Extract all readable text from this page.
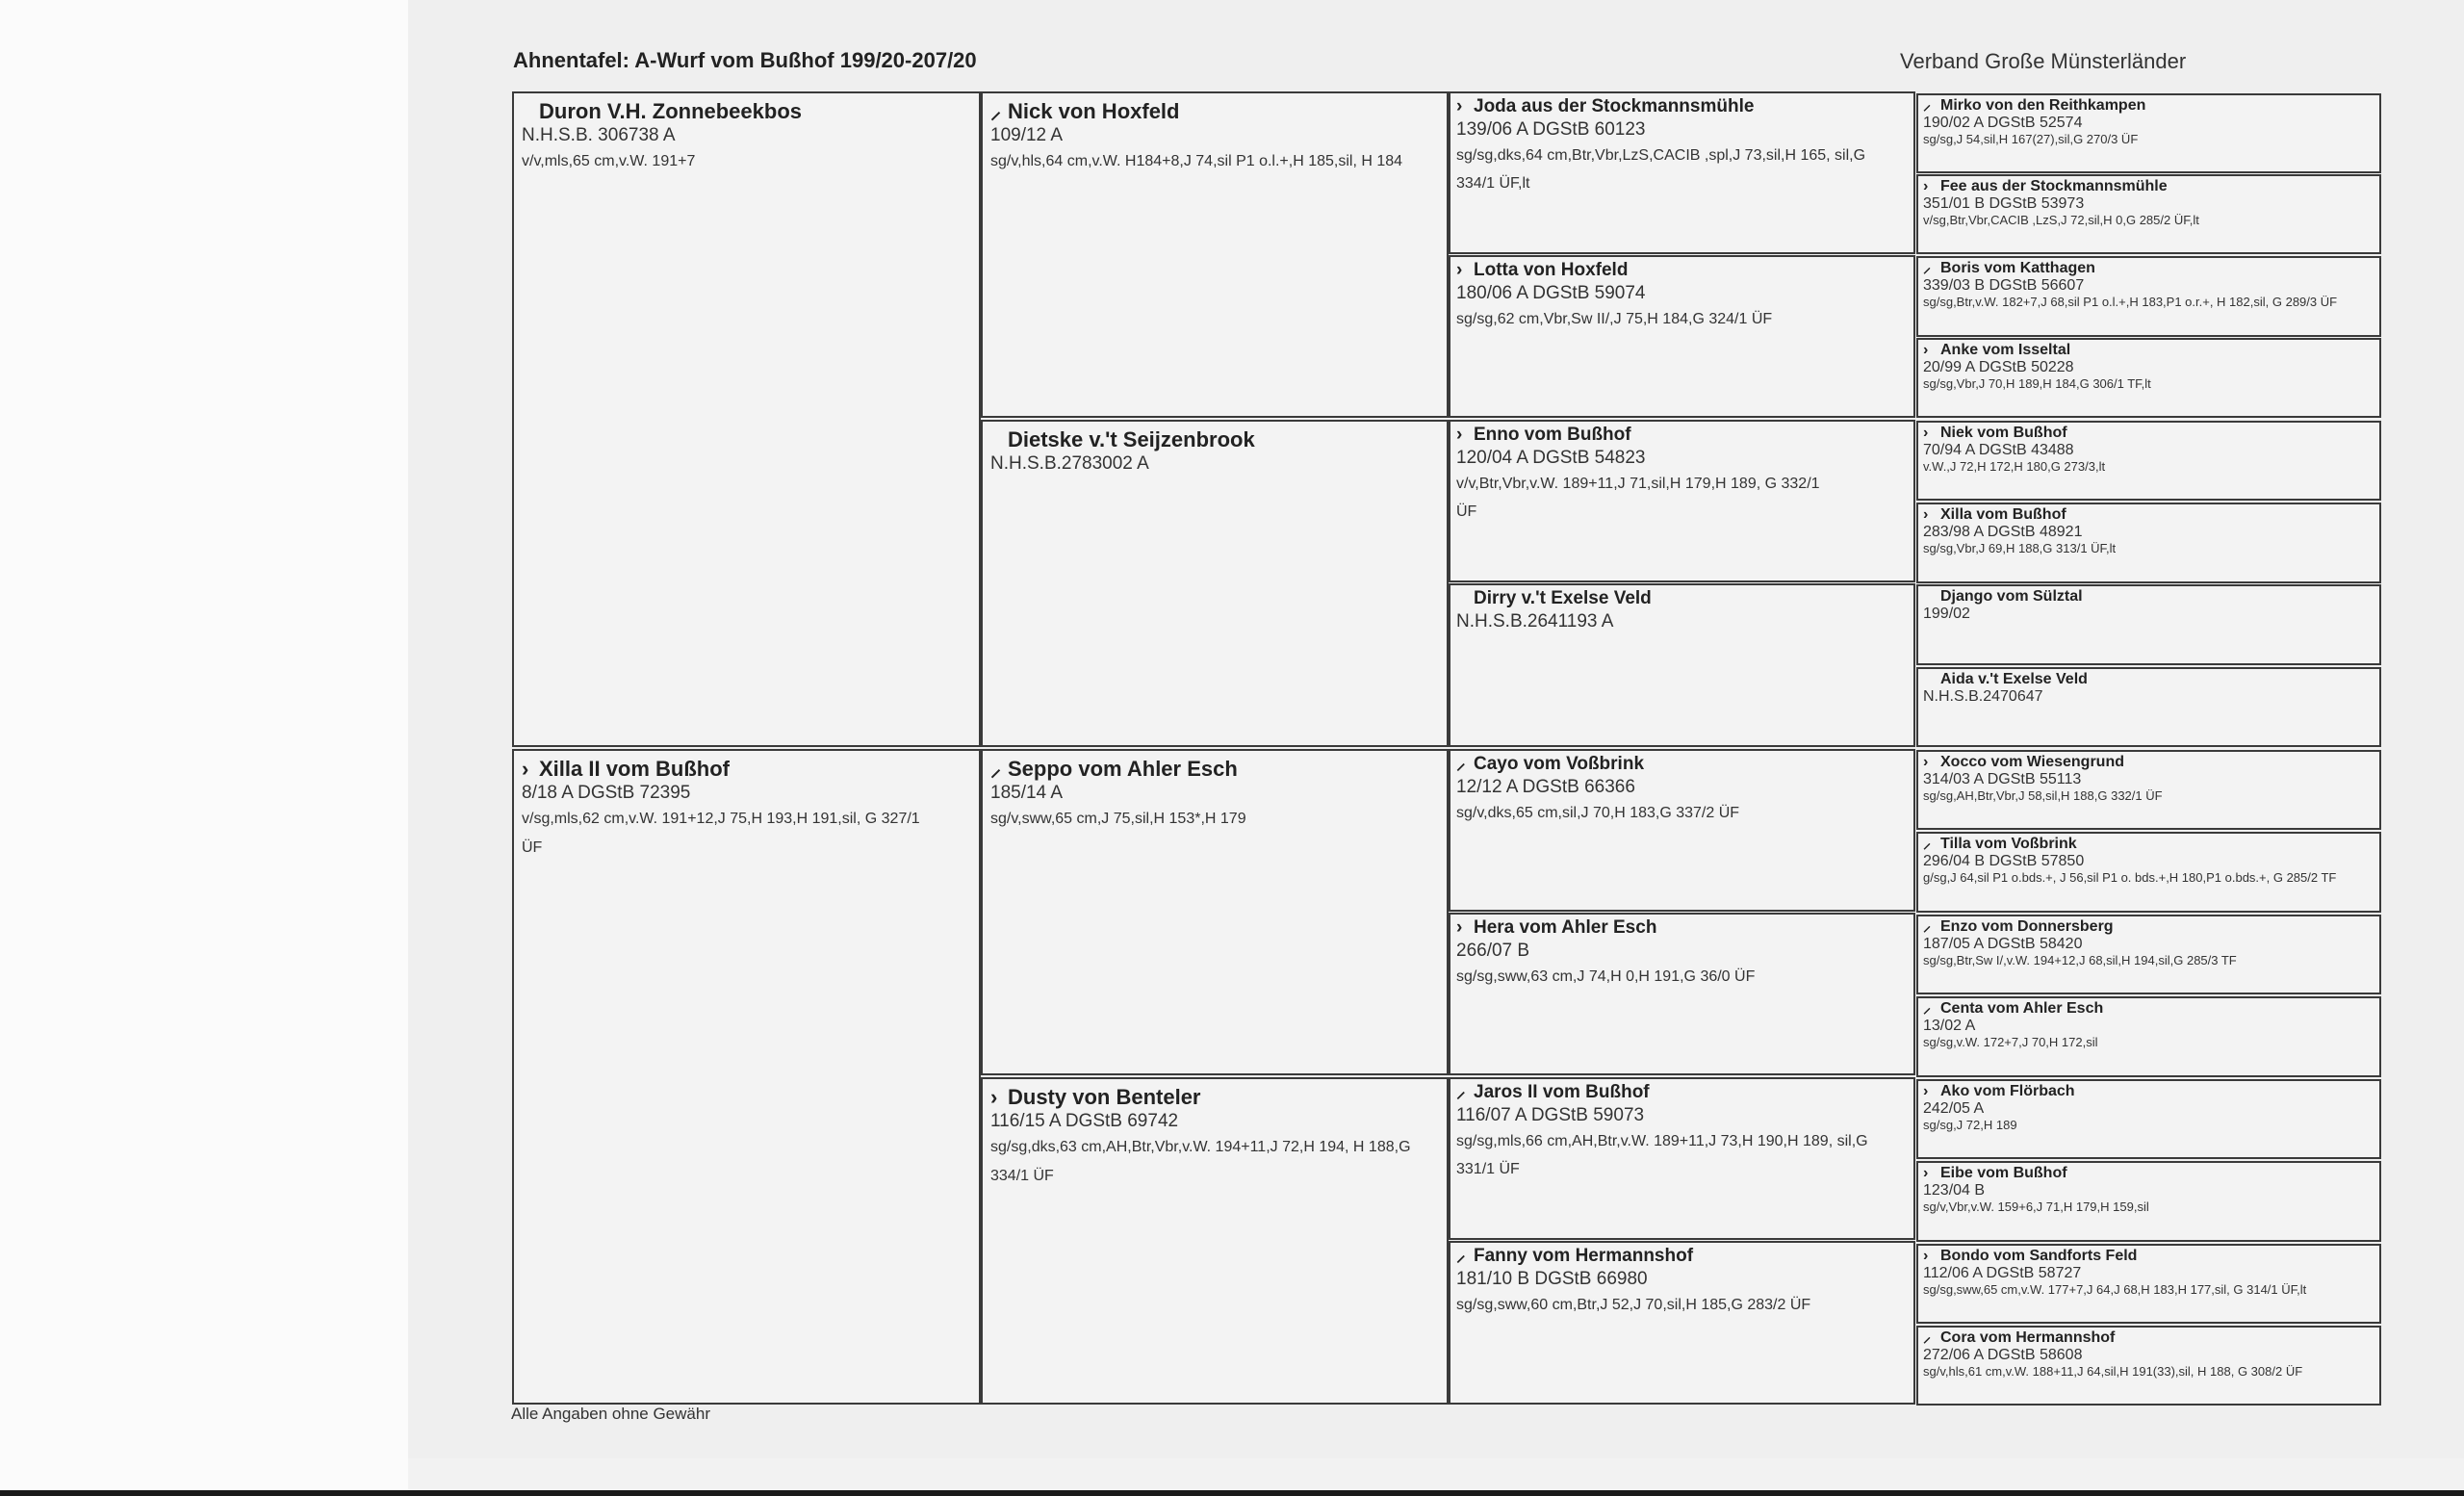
Ahnentafel: A-Wurf vom Bußhof 199/20-207/20	Verband Große Münsterländer
Duron V.H. Zonnebeekbos
N.H.S.B. 306738 A
v/v,mls,65 cm,v.W. 191+7
› Xilla II vom Bußhof
8/18 A DGStB 72395
v/sg,mls,62 cm,v.W. 191+12,J 75,H 193,H 191,sil, G 327/1 ÜF
⸝ Nick von Hoxfeld
109/12 A
sg/v,hls,64 cm,v.W. H184+8,J 74,sil P1 o.l.+,H 185,sil, H 184
Dietske v.'t Seijzenbrook
N.H.S.B.2783002 A
⸝ Seppo vom Ahler Esch
185/14 A
sg/v,sww,65 cm,J 75,sil,H 153*,H 179
› Dusty von Benteler
116/15 A DGStB 69742
sg/sg,dks,63 cm,AH,Btr,Vbr,v.W. 194+11,J 72,H 194, H 188,G 334/1 ÜF
› Joda aus der Stockmannsmühle
139/06 A DGStB 60123
sg/sg,dks,64 cm,Btr,Vbr,LzS,CACIB ,spl,J 73,sil,H 165, sil,G 334/1 ÜF,lt
› Lotta von Hoxfeld
180/06 A DGStB 59074
sg/sg,62 cm,Vbr,Sw II/,J 75,H 184,G 324/1 ÜF
› Enno vom Bußhof
120/04 A DGStB 54823
v/v,Btr,Vbr,v.W. 189+11,J 71,sil,H 179,H 189, G 332/1 ÜF
Dirry v.'t Exelse Veld
N.H.S.B.2641193 A
⸝ Cayo vom Voßbrink
12/12 A DGStB 66366
sg/v,dks,65 cm,sil,J 70,H 183,G 337/2 ÜF
› Hera vom Ahler Esch
266/07 B
sg/sg,sww,63 cm,J 74,H 0,H 191,G 36/0 ÜF
⸝ Jaros II vom Bußhof
116/07 A DGStB 59073
sg/sg,mls,66 cm,AH,Btr,v.W. 189+11,J 73,H 190,H 189, sil,G 331/1 ÜF
⸝ Fanny vom Hermannshof
181/10 B DGStB 66980
sg/sg,sww,60 cm,Btr,J 52,J 70,sil,H 185,G 283/2 ÜF
⸝ Mirko von den Reithkampen
190/02 A DGStB 52574
sg/sg,J 54,sil,H 167(27),sil,G 270/3 ÜF
› Fee aus der Stockmannsmühle
351/01 B DGStB 53973
v/sg,Btr,Vbr,CACIB ,LzS,J 72,sil,H 0,G 285/2 ÜF,lt
⸝ Boris vom Katthagen
339/03 B DGStB 56607
sg/sg,Btr,v.W. 182+7,J 68,sil P1 o.l.+,H 183,P1 o.r.+, H 182,sil, G 289/3 ÜF
› Anke vom Isseltal
20/99 A DGStB 50228
sg/sg,Vbr,J 70,H 189,H 184,G 306/1 TF,lt
› Niek vom Bußhof
70/94 A DGStB 43488
v.W.,J 72,H 172,H 180,G 273/3,lt
› Xilla vom Bußhof
283/98 A DGStB 48921
sg/sg,Vbr,J 69,H 188,G 313/1 ÜF,lt
Django vom Sülztal
199/02
Aida v.'t Exelse Veld
N.H.S.B.2470647
› Xocco vom Wiesengrund
314/03 A DGStB 55113
sg/sg,AH,Btr,Vbr,J 58,sil,H 188,G 332/1 ÜF
⸝ Tilla vom Voßbrink
296/04 B DGStB 57850
g/sg,J 64,sil P1 o.bds.+, J 56,sil P1 o. bds.+,H 180,P1 o.bds.+, G 285/2 TF
⸝ Enzo vom Donnersberg
187/05 A DGStB 58420
sg/sg,Btr,Sw I/,v.W. 194+12,J 68,sil,H 194,sil,G 285/3 TF
⸝ Centa vom Ahler Esch
13/02 A
sg/sg,v.W. 172+7,J 70,H 172,sil
› Ako vom Flörbach
242/05 A
sg/sg,J 72,H 189
› Eibe vom Bußhof
123/04 B
sg/v,Vbr,v.W. 159+6,J 71,H 179,H 159,sil
› Bondo vom Sandforts Feld
112/06 A DGStB 58727
sg/sg,sww,65 cm,v.W. 177+7,J 64,J 68,H 183,H 177,sil, G 314/1 ÜF,lt
⸝ Cora vom Hermannshof
272/06 A DGStB 58608
sg/v,hls,61 cm,v.W. 188+11,J 64,sil,H 191(33),sil, H 188, G 308/2 ÜF
Alle Angaben ohne Gewähr
